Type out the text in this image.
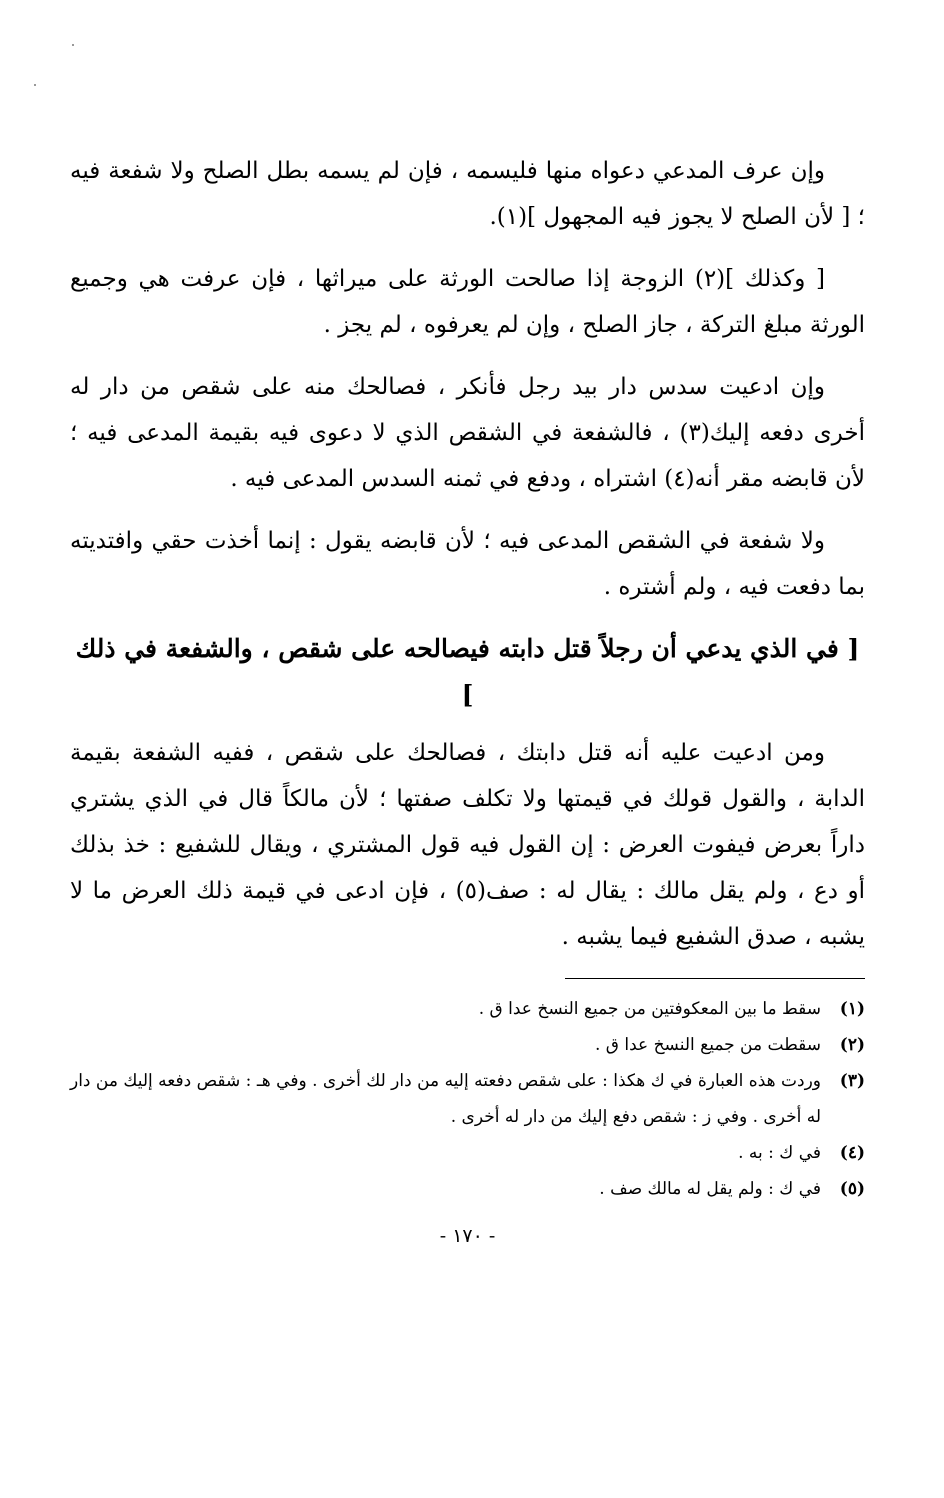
وإن عرف المدعي دعواه منها فليسمه ، فإن لم يسمه بطل الصلح ولا شفعة فيه ؛ [ لأن الصلح لا يجوز فيه المجهول ](١).

[ وكذلك ](٢) الزوجة إذا صالحت الورثة على ميراثها ، فإن عرفت هي وجميع الورثة مبلغ التركة ، جاز الصلح ، وإن لم يعرفوه ، لم يجز .

وإن ادعيت سدس دار بيد رجل فأنكر ، فصالحك منه على شقص من دار له أخرى دفعه إليك(٣) ، فالشفعة في الشقص الذي لا دعوى فيه بقيمة المدعى فيه ؛ لأن قابضه مقر أنه(٤) اشتراه ، ودفع في ثمنه السدس المدعى فيه .

ولا شفعة في الشقص المدعى فيه ؛ لأن قابضه يقول : إنما أخذت حقي وافتديته بما دفعت فيه ، ولم أشتره .

[ في الذي يدعي أن رجلاً قتل دابته فيصالحه على شقص ، والشفعة في ذلك ]

ومن ادعيت عليه أنه قتل دابتك ، فصالحك على شقص ، ففيه الشفعة بقيمة الدابة ، والقول قولك في قيمتها ولا تكلف صفتها ؛ لأن مالكاً قال في الذي يشتري داراً بعرض فيفوت العرض : إن القول فيه قول المشتري ، ويقال للشفيع : خذ بذلك أو دع ، ولم يقل مالك : يقال له : صف(٥) ، فإن ادعى في قيمة ذلك العرض ما لا يشبه ، صدق الشفيع فيما يشبه .

(١)
سقط ما بين المعكوفتين من جميع النسخ عدا ق .
(٢)
سقطت من جميع النسخ عدا ق .
(٣)
وردت هذه العبارة في ك هكذا : على شقص دفعته إليه من دار لك أخرى . وفي هـ : شقص دفعه إليك من دار له أخرى . وفي ز : شقص دفع إليك من دار له أخرى .
(٤)
في ك : به .
(٥)
في ك : ولم يقل له مالك صف .
- ١٧٠ -
